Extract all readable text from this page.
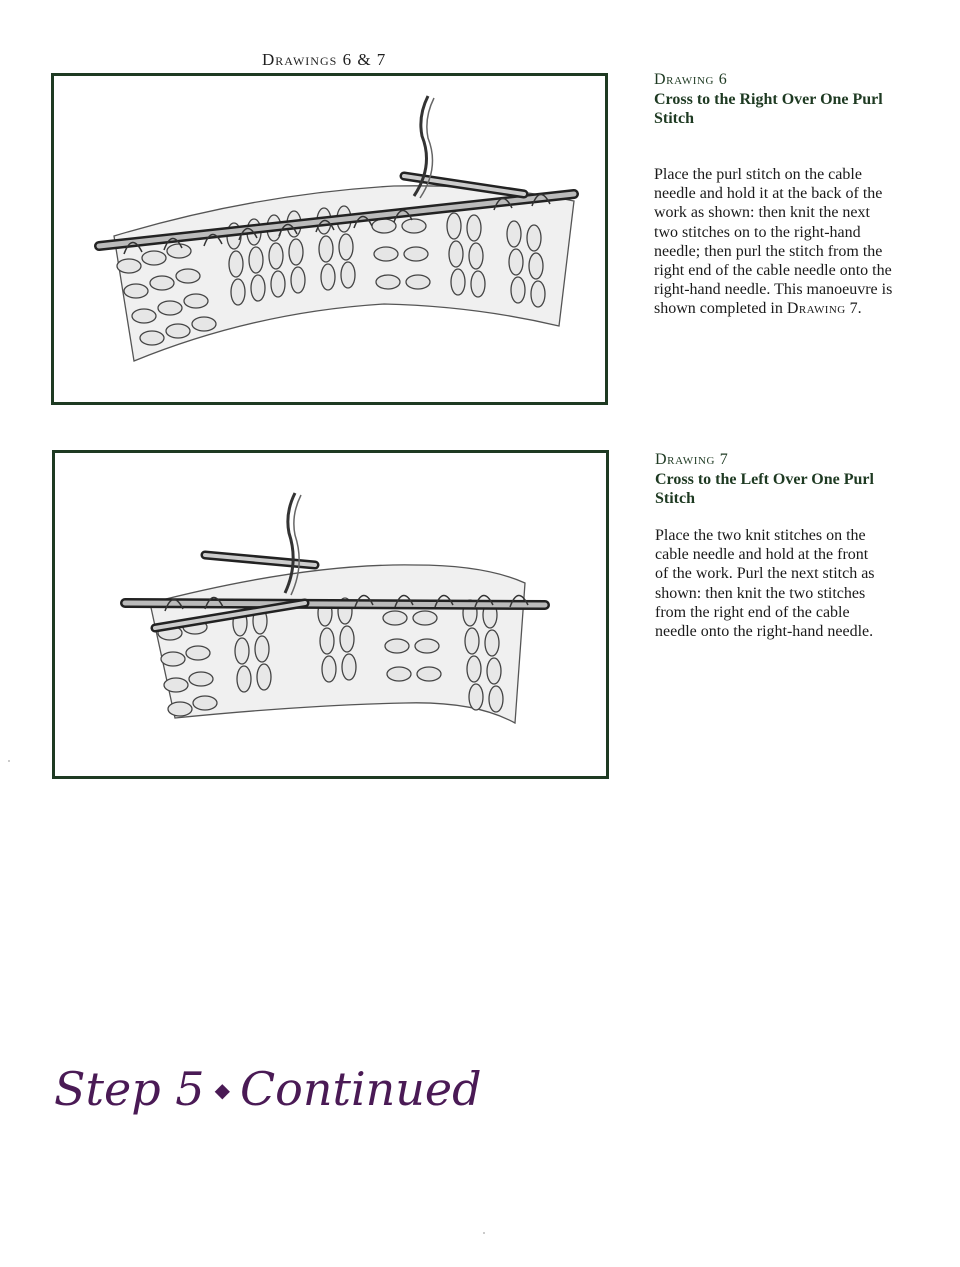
Drawings 6 & 7
Drawing 6
Cross to the Right Over One Purl Stitch
Place the purl stitch on the cable needle and hold it at the back of the work as shown: then knit the next two stitches on to the right-hand needle; then purl the stitch from the right end of the cable needle onto the right-hand needle. This manoeuvre is shown completed in Drawing 7.
Drawing 7
Cross to the Left Over One Purl Stitch
Place the two knit stitches on the cable needle and hold at the front of the work. Purl the next stitch as shown: then knit the two stitches from the right end of the cable needle onto the right-hand needle.
Step 5 ◆ Continued
